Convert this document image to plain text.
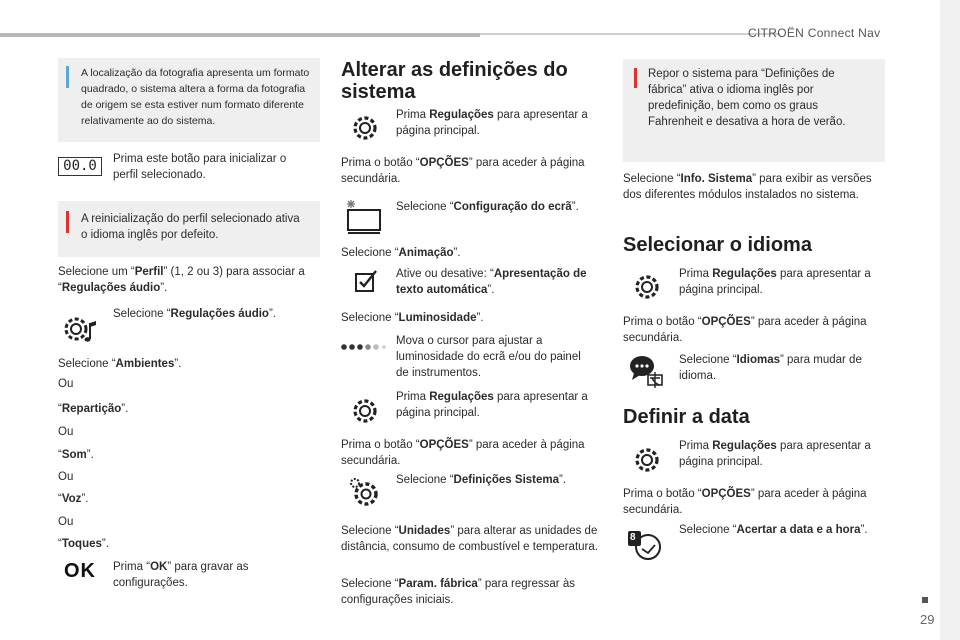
CITROËN Connect Nav
29

A localização da fotografia apresenta um formato quadrado, o sistema altera a forma da fotografia de origem se esta estiver num formato diferente relativamente ao do sistema.

00.0	Prima este botão para inicializar o perfil selecionado.

A reinicialização do perfil selecionado ativa o idioma inglês por defeito.

Selecione um “Perfil” (1, 2 ou 3) para associar a “Regulações áudio”.
Selecione “Regulações áudio”.
Selecione “Ambientes”.
Ou
“Repartição”.
Ou
“Som”.
Ou
“Voz”.
Ou
“Toques”.
OK Prima “OK” para gravar as configurações.
Alterar as definições do sistema
Prima Regulações para apresentar a página principal.
Prima o botão “OPÇÕES” para aceder à página secundária.
Selecione “Configuração do ecrã”.
Selecione “Animação”.
Ative ou desative: “Apresentação de texto automática”.
Selecione “Luminosidade”.
Mova o cursor para ajustar a luminosidade do ecrã e/ou do painel de instrumentos.
Prima Regulações para apresentar a página principal.
Prima o botão “OPÇÕES” para aceder à página secundária.
Selecione “Definições Sistema”.
Selecione “Unidades” para alterar as unidades de distância, consumo de combustível e temperatura.
Selecione “Param. fábrica” para regressar às configurações iniciais.

Repor o sistema para “Definições de fábrica” ativa o idioma inglês por predefinição, bem como os graus Fahrenheit e desativa a hora de verão.

Selecione “Info. Sistema” para exibir as versões dos diferentes módulos instalados no sistema.
Selecionar o idioma
Prima Regulações para apresentar a página principal.
Prima o botão “OPÇÕES” para aceder à página secundária.
Selecione “Idiomas” para mudar de idioma.
Definir a data
Prima Regulações para apresentar a página principal.
Prima o botão “OPÇÕES” para aceder à página secundária.
8
Selecione “Acertar a data e a hora”.
